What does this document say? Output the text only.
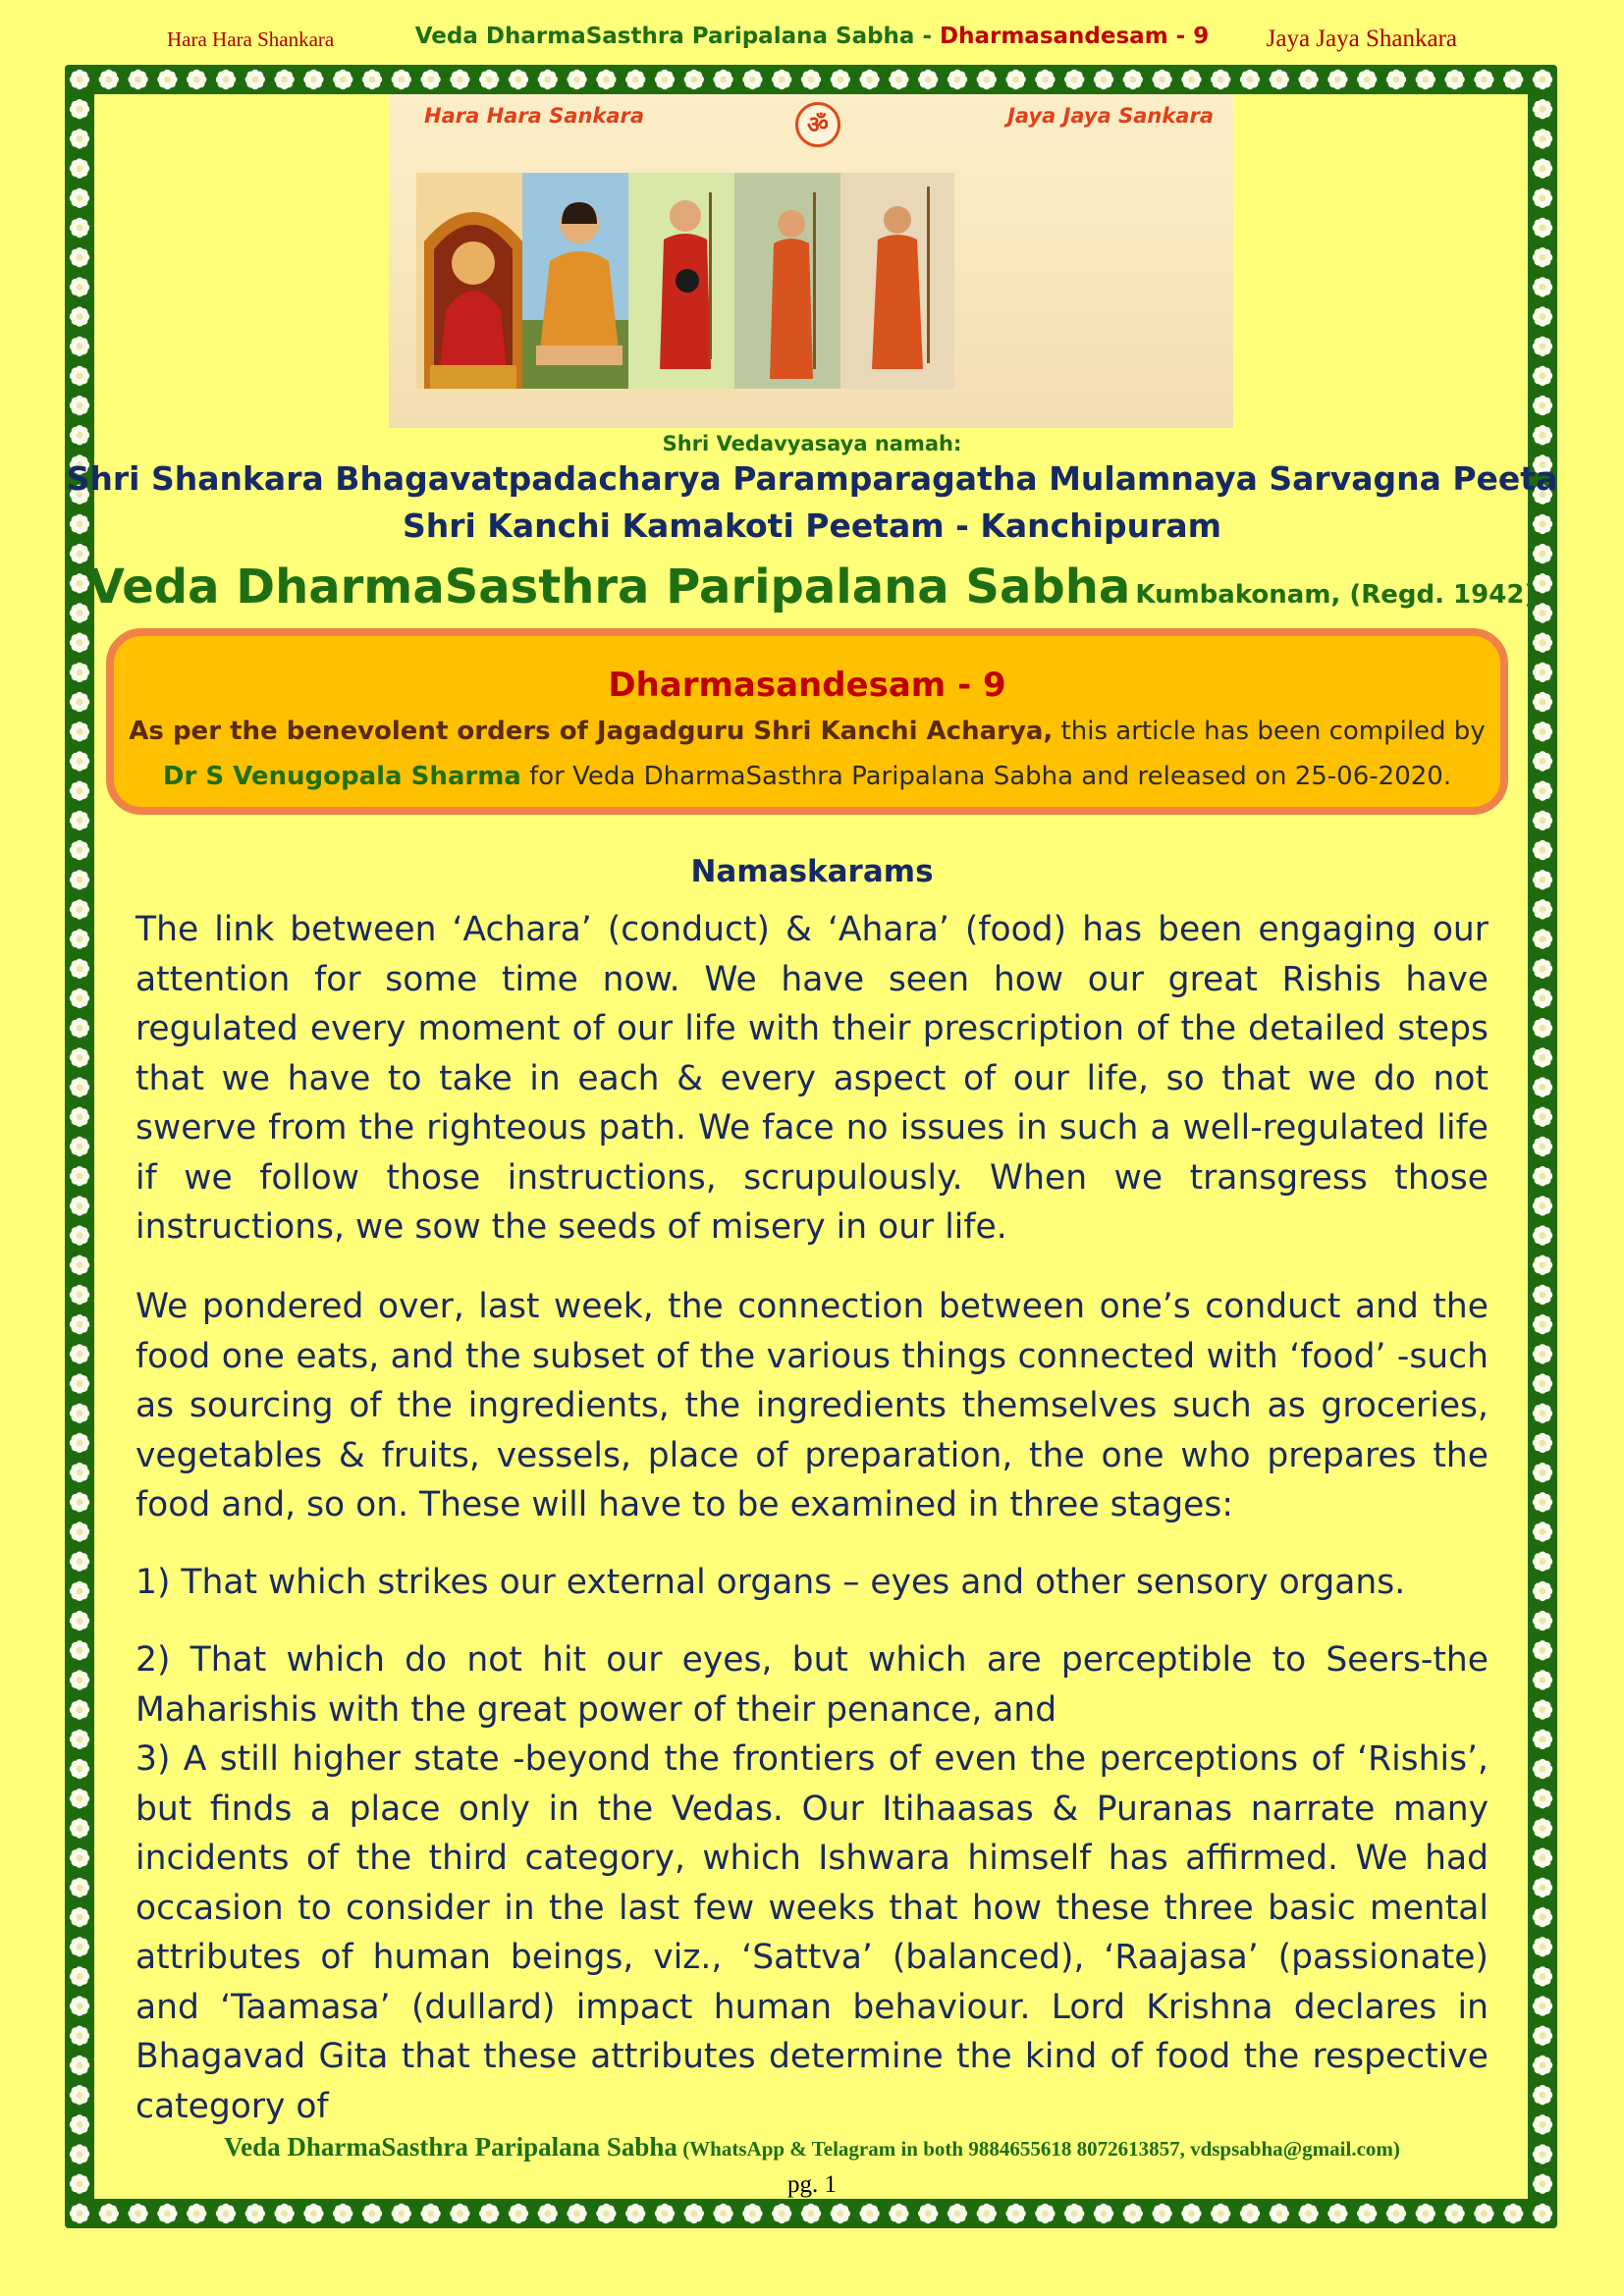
Hara Hara Shankara	Veda DharmaSasthra Paripalana Sabha - Dharmasandesam - 9	Jaya Jaya Shankara
Hara Hara Sankara	ॐ	Jaya Jaya Sankara
Shri Vedavyasaya namah:
Shri Shankara Bhagavatpadacharya Paramparagatha Mulamnaya Sarvagna Peeta
Shri Kanchi Kamakoti Peetam - Kanchipuram
Veda DharmaSasthra Paripalana Sabha Kumbakonam, (Regd. 1942)
Dharmasandesam - 9
As per the benevolent orders of Jagadguru Shri Kanchi Acharya, this article has been compiled by
Dr S Venugopala Sharma for Veda DharmaSasthra Paripalana Sabha and released on 25-06-2020.
Namaskarams
The link between ‘Achara’ (conduct) & ‘Ahara’ (food) has been engaging our attention for some time now. We have seen how our great Rishis have regulated every moment of our life with their prescription of the detailed steps that we have to take in each & every aspect of our life, so that we do not swerve from the righteous path. We face no issues in such a well-regulated life if we follow those instructions, scrupulously. When we transgress those instructions, we sow the seeds of misery in our life.
We pondered over, last week, the connection between one’s conduct and the food one eats, and the subset of the various things connected with ‘food’ -such as sourcing of the ingredients, the ingredients themselves such as groceries, vegetables & fruits, vessels, place of preparation, the one who prepares the food and, so on. These will have to be examined in three stages:
1) That which strikes our external organs – eyes and other sensory organs.
2) That which do not hit our eyes, but which are perceptible to Seers-the Maharishis with the great power of their penance, and
3) A still higher state -beyond the frontiers of even the perceptions of ‘Rishis’, but finds a place only in the Vedas. Our Itihaasas & Puranas narrate many incidents of the third category, which Ishwara himself has affirmed. We had occasion to consider in the last few weeks that how these three basic mental attributes of human beings, viz., ‘Sattva’ (balanced), ‘Raajasa’ (passionate) and ‘Taamasa’ (dullard) impact human behaviour. Lord Krishna declares in Bhagavad Gita that these attributes determine the kind of food the respective category of
Veda DharmaSasthra Paripalana Sabha (WhatsApp & Telagram in both 9884655618 8072613857, vdspsabha@gmail.com)
pg. 1
